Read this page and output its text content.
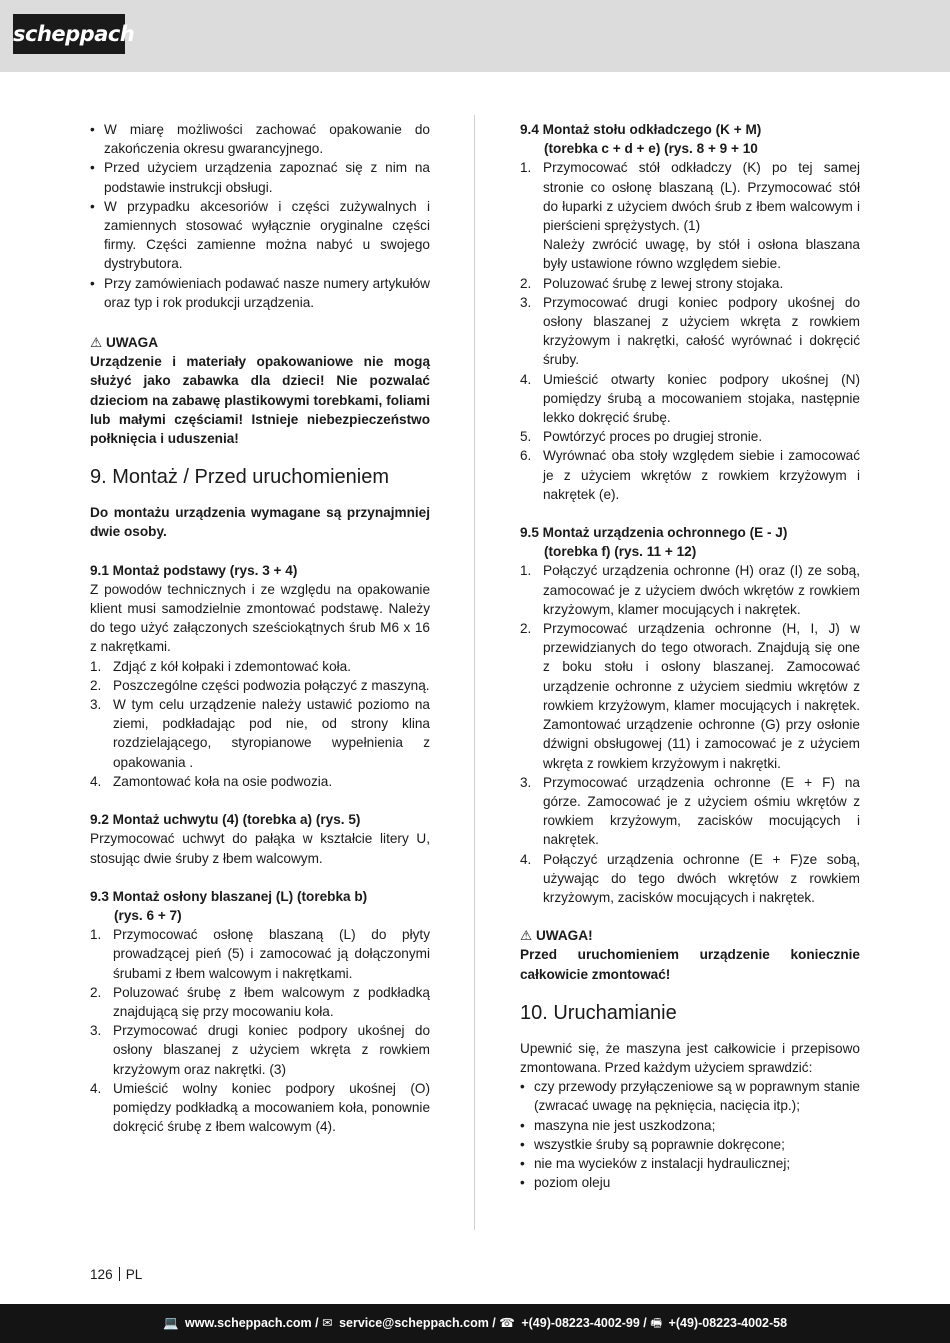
scheppach
• W miarę możliwości zachować opakowanie do zakończenia okresu gwarancyjnego.
• Przed użyciem urządzenia zapoznać się z nim na podstawie instrukcji obsługi.
• W przypadku akcesoriów i części zużywalnych i zamiennych stosować wyłącznie oryginalne części firmy. Części zamienne można nabyć u swojego dystrybutora.
• Przy zamówieniach podawać nasze numery artykułów oraz typ i rok produkcji urządzenia.
⚠ UWAGA

Urządzenie i materiały opakowaniowe nie mogą służyć jako zabawka dla dzieci! Nie pozwalać dzieciom na zabawę plastikowymi torebkami, foliami lub małymi częściami! Istnieje niebezpieczeństwo połknięcia i uduszenia!

9. Montaż / Przed uruchomieniem

Do montażu urządzenia wymagane są przynajmniej dwie osoby.

9.1 Montaż podstawy (rys. 3 + 4)

Z powodów technicznych i ze względu na opakowanie klient musi samodzielnie zmontować podstawę. Należy do tego użyć załączonych sześciokątnych śrub M6 x 16 z nakrętkami.

1. Zdjąć z kół kołpaki i zdemontować koła.
2. Poszczególne części podwozia połączyć z maszyną.
3. W tym celu urządzenie należy ustawić poziomo na ziemi, podkładając pod nie, od strony klina rozdzielającego, styropianowe wypełnienia z opakowania .
4. Zamontować koła na osie podwozia.
9.2 Montaż uchwytu (4) (torebka a) (rys. 5)

Przymocować uchwyt do pałąka w kształcie litery U, stosując dwie śruby z łbem walcowym.

9.3 Montaż osłony blaszanej (L) (torebka b)
(rys. 6 + 7)
1. Przymocować osłonę blaszaną (L) do płyty prowadzącej pień (5) i zamocować ją dołączonymi śrubami z łbem walcowym i nakrętkami.
2. Poluzować śrubę z łbem walcowym z podkładką znajdującą się przy mocowaniu koła.
3. Przymocować drugi koniec podpory ukośnej do osłony blaszanej z użyciem wkręta z rowkiem krzyżowym oraz nakrętki. (3)
4. Umieścić wolny koniec podpory ukośnej (O) pomiędzy podkładką a mocowaniem koła, ponownie dokręcić śrubę z łbem walcowym (4).
9.4 Montaż stołu odkładczego (K + M)
(torebka c + d + e) (rys. 8 + 9 + 10
1. Przymocować stół odkładczy (K) po tej samej stronie co osłonę blaszaną (L). Przymocować stół do łuparki z użyciem dwóch śrub z łbem walcowym i pierścieni sprężystych. (1)
Należy zwrócić uwagę, by stół i osłona blaszana były ustawione równo względem siebie.
2. Poluzować śrubę z lewej strony stojaka.
3. Przymocować drugi koniec podpory ukośnej do osłony blaszanej z użyciem wkręta z rowkiem krzyżowym i nakrętki, całość wyrównać i dokręcić śruby.
4. Umieścić otwarty koniec podpory ukośnej (N) pomiędzy śrubą a mocowaniem stojaka, następnie lekko dokręcić śrubę.
5. Powtórzyć proces po drugiej stronie.
6. Wyrównać oba stoły względem siebie i zamocować je z użyciem wkrętów z rowkiem krzyżowym i nakrętek (e).
9.5 Montaż urządzenia ochronnego (E - J)
(torebka f) (rys. 11 + 12)
1. Połączyć urządzenia ochronne (H) oraz (I) ze sobą, zamocować je z użyciem dwóch wkrętów z rowkiem krzyżowym, klamer mocujących i nakrętek.
2. Przymocować urządzenia ochronne (H, I, J) w przewidzianych do tego otworach. Znajdują się one z boku stołu i osłony blaszanej. Zamocować urządzenie ochronne z użyciem siedmiu wkrętów z rowkiem krzyżowym, klamer mocujących i nakrętek. Zamontować urządzenie ochronne (G) przy osłonie dźwigni obsługowej (11) i zamocować je z użyciem wkręta z rowkiem krzyżowym i nakrętki.
3. Przymocować urządzenia ochronne (E + F) na górze. Zamocować je z użyciem ośmiu wkrętów z rowkiem krzyżowym, zacisków mocujących i nakrętek.
4. Połączyć urządzenia ochronne (E + F)ze sobą, używając do tego dwóch wkrętów z rowkiem krzyżowym, zacisków mocujących i nakrętek.
⚠ UWAGA!

Przed uruchomieniem urządzenie koniecznie całkowicie zmontować!

10. Uruchamianie

Upewnić się, że maszyna jest całkowicie i przepisowo zmontowana. Przed każdym użyciem sprawdzić:

• czy przewody przyłączeniowe są w poprawnym stanie (zwracać uwagę na pęknięcia, nacięcia itp.);
• maszyna nie jest uszkodzona;
• wszystkie śruby są poprawnie dokręcone;
• nie ma wycieków z instalacji hydraulicznej;
• poziom oleju
126 PL
💻 www.scheppach.com / ✉ service@scheppach.com / ☎ +(49)-08223-4002-99 / 🖷 +(49)-08223-4002-58
